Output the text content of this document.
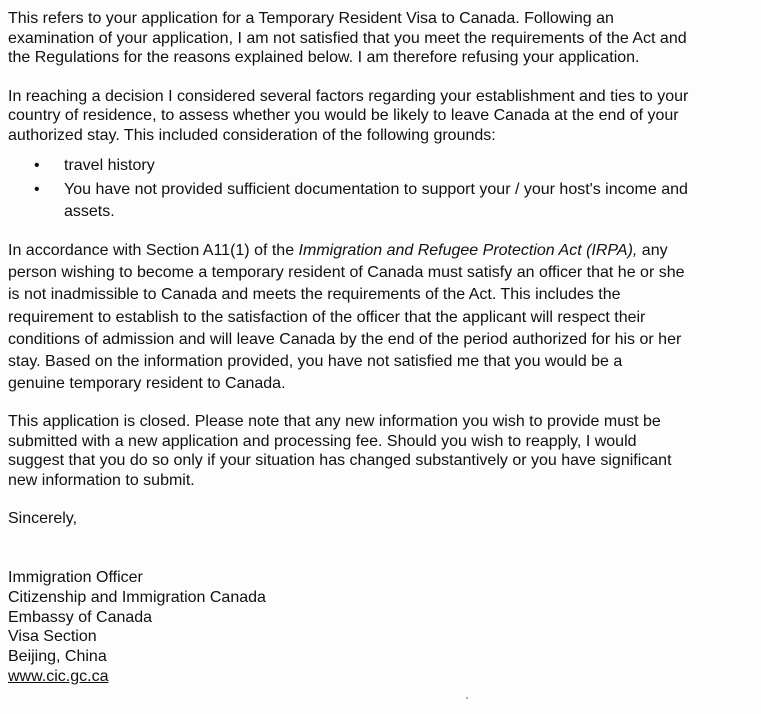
This refers to your application for a Temporary Resident Visa to Canada. Following an
examination of your application, I am not satisfied that you meet the requirements of the Act and
the Regulations for the reasons explained below. I am therefore refusing your application.

In reaching a decision I considered several factors regarding your establishment and ties to your
country of residence, to assess whether you would be likely to leave Canada at the end of your
authorized stay. This included consideration of the following grounds:

• travel history
• You have not provided sufficient documentation to support your / your host's income and
assets.

In accordance with Section A11(1) of the Immigration and Refugee Protection Act (IRPA), any
person wishing to become a temporary resident of Canada must satisfy an officer that he or she
is not inadmissible to Canada and meets the requirements of the Act. This includes the
requirement to establish to the satisfaction of the officer that the applicant will respect their
conditions of admission and will leave Canada by the end of the period authorized for his or her
stay. Based on the information provided, you have not satisfied me that you would be a
genuine temporary resident to Canada.

This application is closed. Please note that any new information you wish to provide must be
submitted with a new application and processing fee. Should you wish to reapply, I would
suggest that you do so only if your situation has changed substantively or you have significant
new information to submit.

Sincerely,

Immigration Officer

Citizenship and Immigration Canada

Embassy of Canada

Visa Section

Beijing, China

www.cic.gc.ca
